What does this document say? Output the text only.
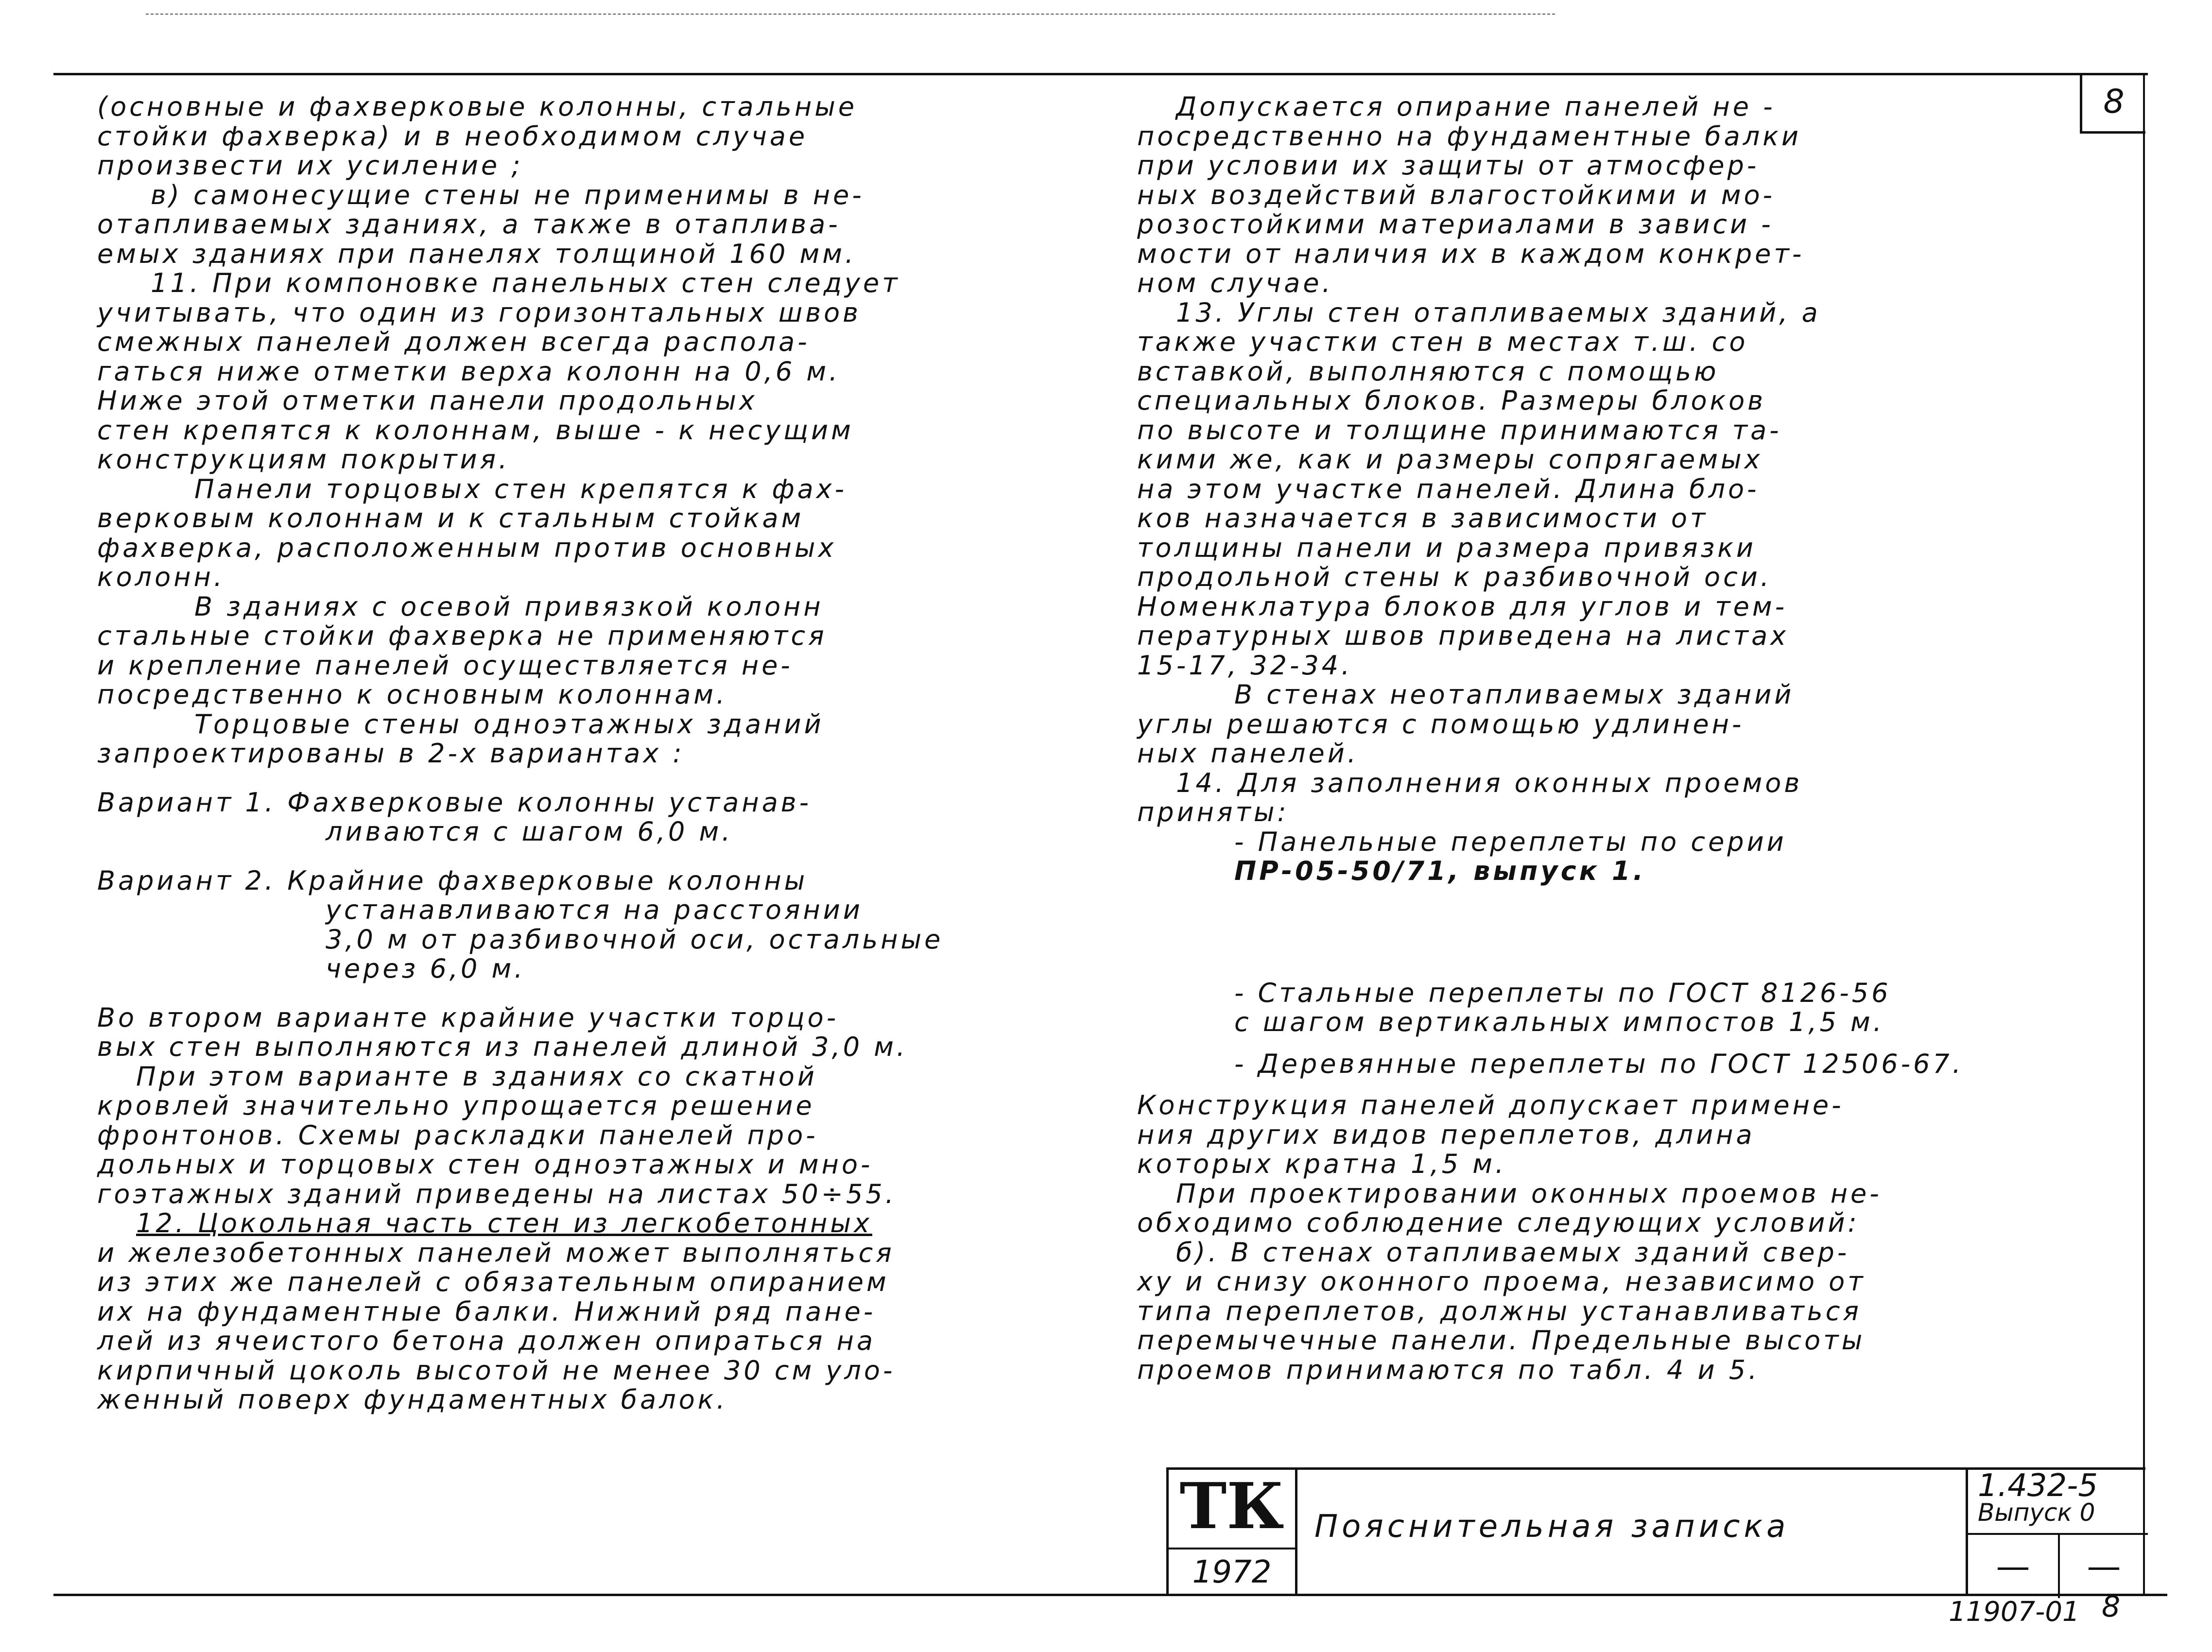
8
(основные и фахверковые колонны, стальные
стойки фахверка) и в необходимом случае
произвести их усиление ;
в) самонесущие стены не применимы в не-
отапливаемых зданиях, а также в отаплива-
емых зданиях при панелях толщиной 160 мм.
11. При компоновке панельных стен следует
учитывать, что один из горизонтальных швов
смежных панелей должен всегда распола-
гаться ниже отметки верха колонн на 0,6 м.
Ниже этой отметки панели продольных
стен крепятся к колоннам, выше - к несущим
конструкциям покрытия.
Панели торцовых стен крепятся к фах-
верковым колоннам и к стальным стойкам
фахверка, расположенным против основных
колонн.
В зданиях с осевой привязкой колонн
стальные стойки фахверка не применяются
и крепление панелей осуществляется не-
посредственно к основным колоннам.
Торцовые стены одноэтажных зданий
запроектированы в 2-х вариантах :
Вариант 1. Фахверковые колонны устанав-
ливаются с шагом 6,0 м.
Вариант 2. Крайние фахверковые колонны
устанавливаются на расстоянии
3,0 м от разбивочной оси, остальные
через 6,0 м.
Во втором варианте крайние участки торцо-
вых стен выполняются из панелей длиной 3,0 м.
При этом варианте в зданиях со скатной
кровлей значительно упрощается решение
фронтонов. Схемы раскладки панелей про-
дольных и торцовых стен одноэтажных и мно-
гоэтажных зданий приведены на листах 50÷55.
12. Цокольная часть стен из легкобетонных
и железобетонных панелей может выполняться
из этих же панелей с обязательным опиранием
их на фундаментные балки. Нижний ряд пане-
лей из ячеистого бетона должен опираться на
кирпичный цоколь высотой не менее 30 см уло-
женный поверх фундаментных балок.
Допускается опирание панелей не -
посредственно на фундаментные балки
при условии их защиты от атмосфер-
ных воздействий влагостойкими и мо-
розостойкими материалами в зависи -
мости от наличия их в каждом конкрет-
ном случае.
13. Углы стен отапливаемых зданий, а
также участки стен в местах т.ш. со
вставкой, выполняются с помощью
специальных блоков. Размеры блоков
по высоте и толщине принимаются та-
кими же, как и размеры сопрягаемых
на этом участке панелей. Длина бло-
ков назначается в зависимости от
толщины панели и размера привязки
продольной стены к разбивочной оси.
Номенклатура блоков для углов и тем-
пературных швов приведена на листах
15-17, 32-34.
В стенах неотапливаемых зданий
углы решаются с помощью удлинен-
ных панелей.
14. Для заполнения оконных проемов
приняты:
- Панельные переплеты по серии
ПР-05-50/71, выпуск 1.
- Стальные переплеты по ГОСТ 8126-56
с шагом вертикальных импостов 1,5 м.
- Деревянные переплеты по ГОСТ 12506-67.
Конструкция панелей допускает примене-
ния других видов переплетов, длина
которых кратна 1,5 м.
При проектировании оконных проемов не-
обходимо соблюдение следующих условий:
б). В стенах отапливаемых зданий свер-
ху и снизу оконного проема, независимо от
типа переплетов, должны устанавливаться
перемычечные панели. Предельные высоты
проемов принимаются по табл. 4 и 5.
ТК
1972
Пояснительная записка
1.432-5
Выпуск 0
—	—
11907-01 8
